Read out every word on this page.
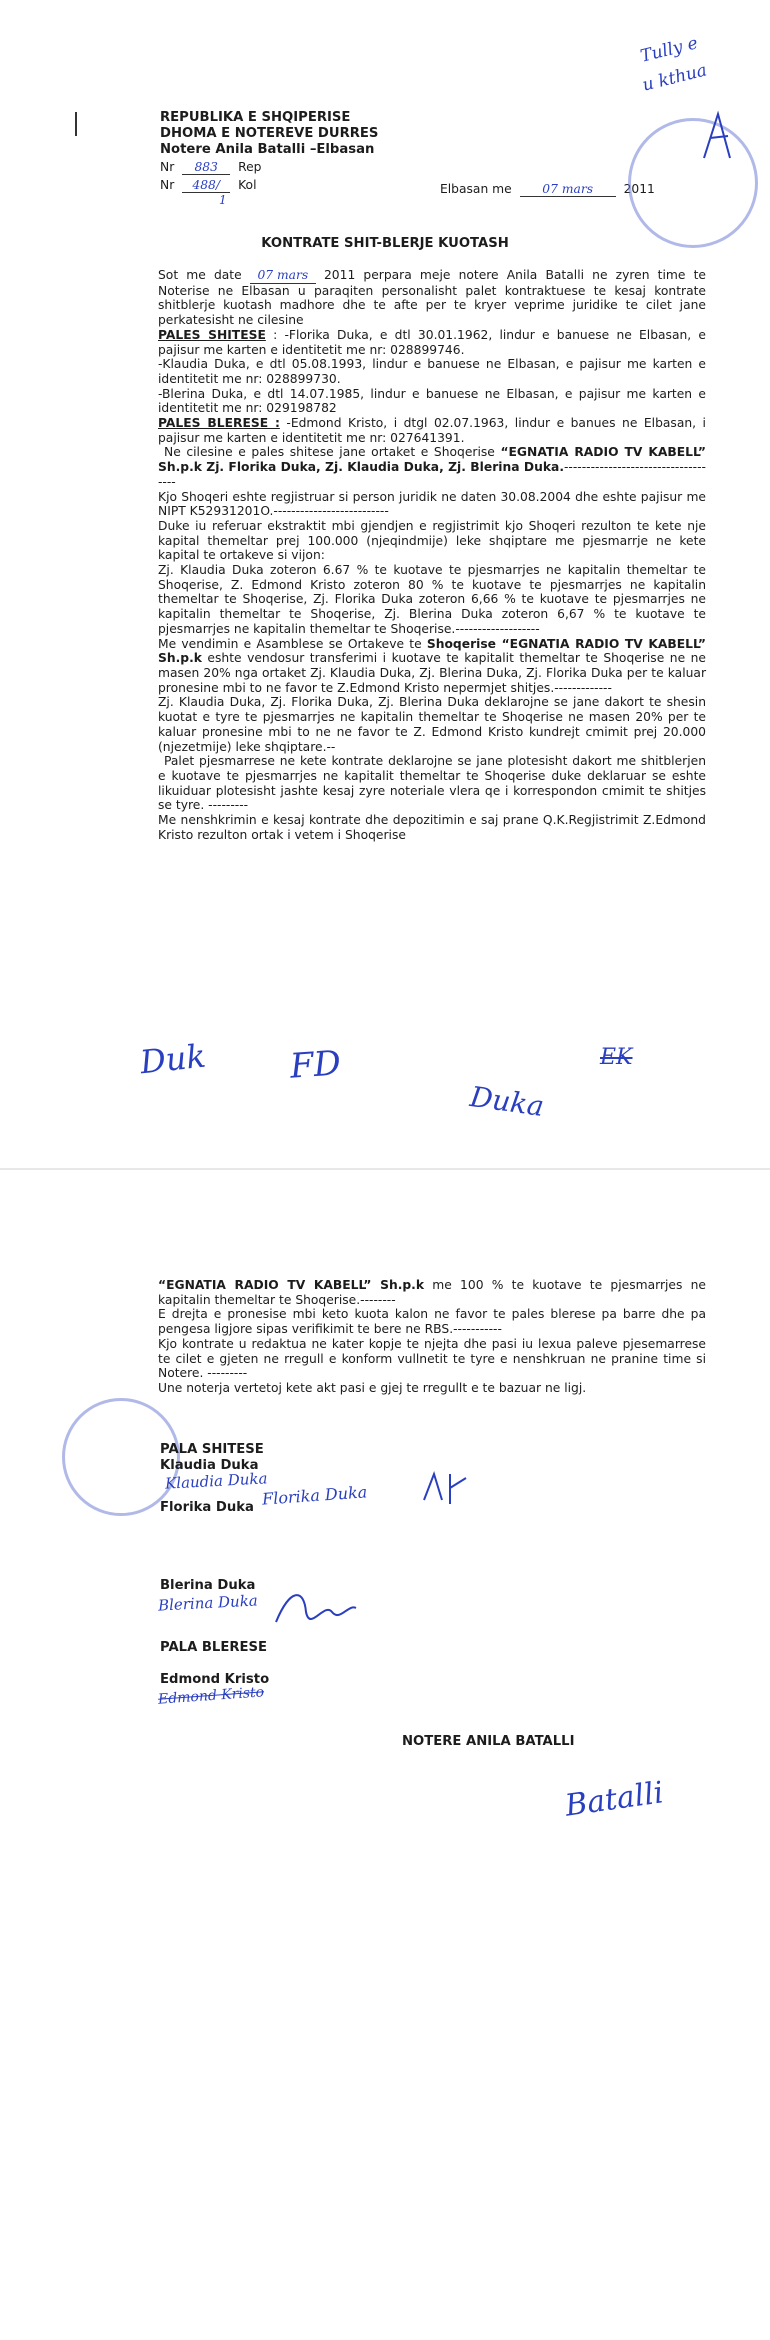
REPUBLIKA E SHQIPERISE
DHOMA E NOTEREVE DURRES
Notere Anila Batalli –Elbasan
Nr 883 Rep
Nr 488/ Kol
1
Elbasan me 07 mars 2011
Tully e
u kthua
KONTRATE SHIT-BLERJE KUOTASH
Sot me date 07 mars 2011 perpara meje notere Anila Batalli ne zyren time te Noterise ne Elbasan u paraqiten personalisht palet kontraktuese te kesaj kontrate shitblerje kuotash madhore dhe te afte per te kryer veprime juridike te cilet jane perkatesisht ne cilesine
PALES SHITESE : -Florika Duka, e dtl 30.01.1962, lindur e banuese ne Elbasan, e pajisur me karten e identitetit me nr: 028899746.
-Klaudia Duka, e dtl 05.08.1993, lindur e banuese ne Elbasan, e pajisur me karten e identitetit me nr: 028899730.
-Blerina Duka, e dtl 14.07.1985, lindur e banuese ne Elbasan, e pajisur me karten e identitetit me nr: 029198782
PALES BLERESE : -Edmond Kristo, i dtgl 02.07.1963, lindur e banues ne Elbasan, i pajisur me karten e identitetit me nr: 027641391.
Ne cilesine e pales shitese jane ortaket e Shoqerise “EGNATIA RADIO TV KABELL” Sh.p.k Zj. Florika Duka, Zj. Klaudia Duka, Zj. Blerina Duka.------------------------------------
Kjo Shoqeri eshte regjistruar si person juridik ne daten 30.08.2004 dhe eshte pajisur me NIPT K52931201O.--------------------------
Duke iu referuar ekstraktit mbi gjendjen e regjistrimit kjo Shoqeri rezulton te kete nje kapital themeltar prej 100.000 (njeqindmije) leke shqiptare me pjesmarrje ne kete kapital te ortakeve si vijon:
Zj. Klaudia Duka zoteron 6.67 % te kuotave te pjesmarrjes ne kapitalin themeltar te Shoqerise, Z. Edmond Kristo zoteron 80 % te kuotave te pjesmarrjes ne kapitalin themeltar te Shoqerise, Zj. Florika Duka zoteron 6,66 % te kuotave te pjesmarrjes ne kapitalin themeltar te Shoqerise, Zj. Blerina Duka zoteron 6,67 % te kuotave te pjesmarrjes ne kapitalin themeltar te Shoqerise.-------------------
Me vendimin e Asamblese se Ortakeve te Shoqerise “EGNATIA RADIO TV KABELL” Sh.p.k eshte vendosur transferimi i kuotave te kapitalit themeltar te Shoqerise ne ne masen 20% nga ortaket Zj. Klaudia Duka, Zj. Blerina Duka, Zj. Florika Duka per te kaluar pronesine mbi to ne favor te Z.Edmond Kristo nepermjet shitjes.-------------
Zj. Klaudia Duka, Zj. Florika Duka, Zj. Blerina Duka deklarojne se jane dakort te shesin kuotat e tyre te pjesmarrjes ne kapitalin themeltar te Shoqerise ne masen 20% per te kaluar pronesine mbi to ne ne favor te Z. Edmond Kristo kundrejt cmimit prej 20.000 (njezetmije) leke shqiptare.--
Palet pjesmarrese ne kete kontrate deklarojne se jane plotesisht dakort me shitblerjen e kuotave te pjesmarrjes ne kapitalit themeltar te Shoqerise duke deklaruar se eshte likuiduar plotesisht jashte kesaj zyre noteriale vlera qe i korrespondon cmimit te shitjes se tyre. ---------
Me nenshkrimin e kesaj kontrate dhe depozitimin e saj prane Q.K.Regjistrimit Z.Edmond Kristo rezulton ortak i vetem i Shoqerise
Duk FD
Duka
EK
“EGNATIA RADIO TV KABELL” Sh.p.k me 100 % te kuotave te pjesmarrjes ne kapitalin themeltar te Shoqerise.--------
E drejta e pronesise mbi keto kuota kalon ne favor te pales blerese pa barre dhe pa pengesa ligjore sipas verifikimit te bere ne RBS.-----------
Kjo kontrate u redaktua ne kater kopje te njejta dhe pasi iu lexua paleve pjesemarrese te cilet e gjeten ne rregull e konform vullnetit te tyre e nenshkruan ne pranine time si Notere. ---------
Une noterja vertetoj kete akt pasi e gjej te rregullt e te bazuar ne ligj.
PALA SHITESE
Klaudia Duka
Klaudia Duka
Florika Duka Florika Duka
Blerina Duka
Blerina Duka
PALA BLERESE
Edmond Kristo
Edmond Kristo
NOTERE ANILA BATALLI
Batalli
